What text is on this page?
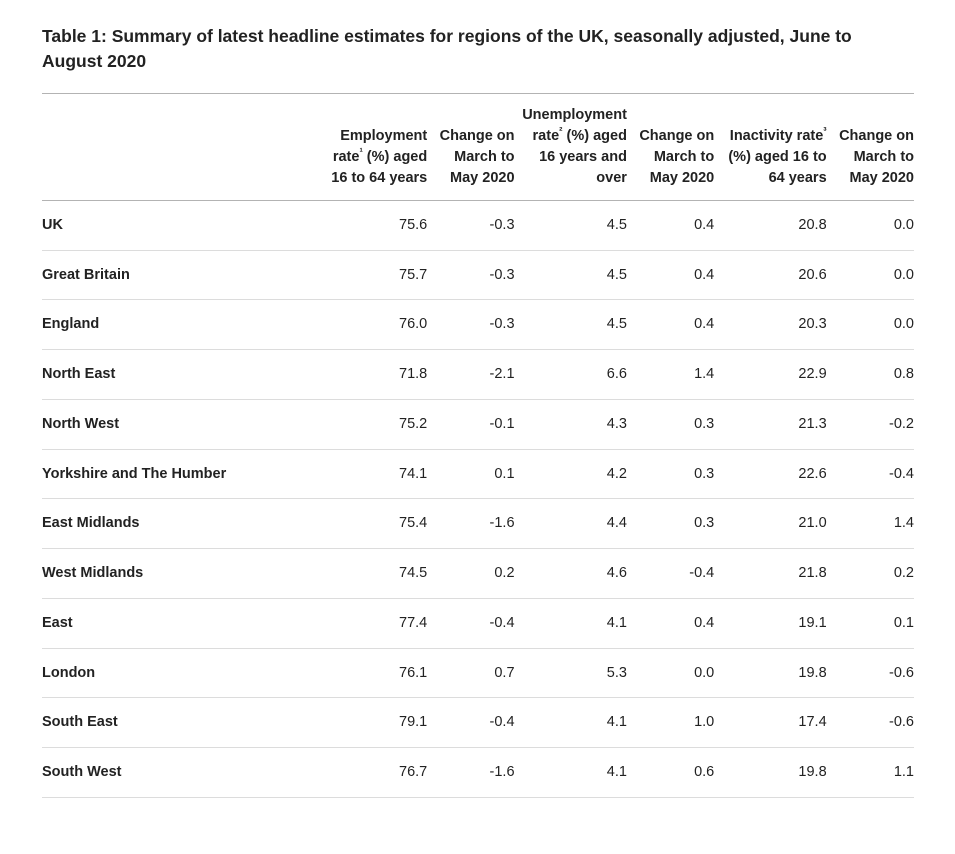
Table 1: Summary of latest headline estimates for regions of the UK, seasonally adjusted, June to August 2020
	Employment rate$^{^1}$ (%) aged 16 to 64 years	Change on March to May 2020	Unemployment rate$^{^2}$ (%) aged 16 years and over	Change on March to May 2020	Inactivity rate$^{^3}$ (%) aged 16 to 64 years	Change on March to May 2020
UK	75.6	-0.3	4.5	0.4	20.8	0.0
Great Britain	75.7	-0.3	4.5	0.4	20.6	0.0
England	76.0	-0.3	4.5	0.4	20.3	0.0
North East	71.8	-2.1	6.6	1.4	22.9	0.8
North West	75.2	-0.1	4.3	0.3	21.3	-0.2
Yorkshire and The Humber	74.1	0.1	4.2	0.3	22.6	-0.4
East Midlands	75.4	-1.6	4.4	0.3	21.0	1.4
West Midlands	74.5	0.2	4.6	-0.4	21.8	0.2
East	77.4	-0.4	4.1	0.4	19.1	0.1
London	76.1	0.7	5.3	0.0	19.8	-0.6
South East	79.1	-0.4	4.1	1.0	17.4	-0.6
South West	76.7	-1.6	4.1	0.6	19.8	1.1
